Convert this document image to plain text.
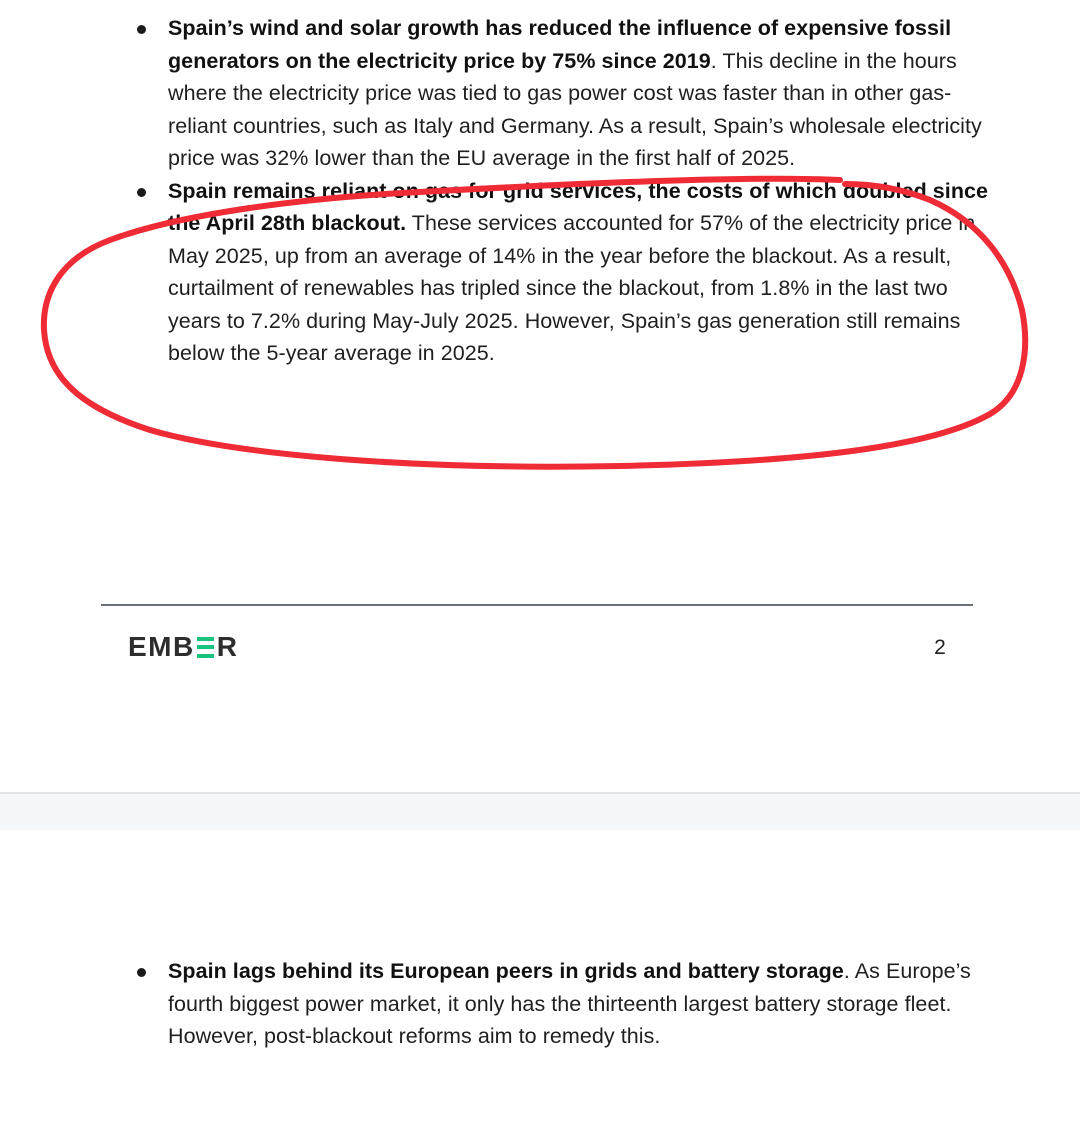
Spain’s wind and solar growth has reduced the influence of expensive fossil generators on the electricity price by 75% since 2019. This decline in the hours where the electricity price was tied to gas power cost was faster than in other gas-reliant countries, such as Italy and Germany. As a result, Spain’s wholesale electricity price was 32% lower than the EU average in the first half of 2025.
Spain remains reliant on gas for grid services, the costs of which doubled since the April 28th blackout. These services accounted for 57% of the electricity price in May 2025, up from an average of 14% in the year before the blackout. As a result, curtailment of renewables has tripled since the blackout, from 1.8% in the last two years to 7.2% during May-July 2025. However, Spain’s gas generation still remains below the 5-year average in 2025.
EMB R	2
Spain lags behind its European peers in grids and battery storage. As Europe’s fourth biggest power market, it only has the thirteenth largest battery storage fleet. However, post-blackout reforms aim to remedy this.
